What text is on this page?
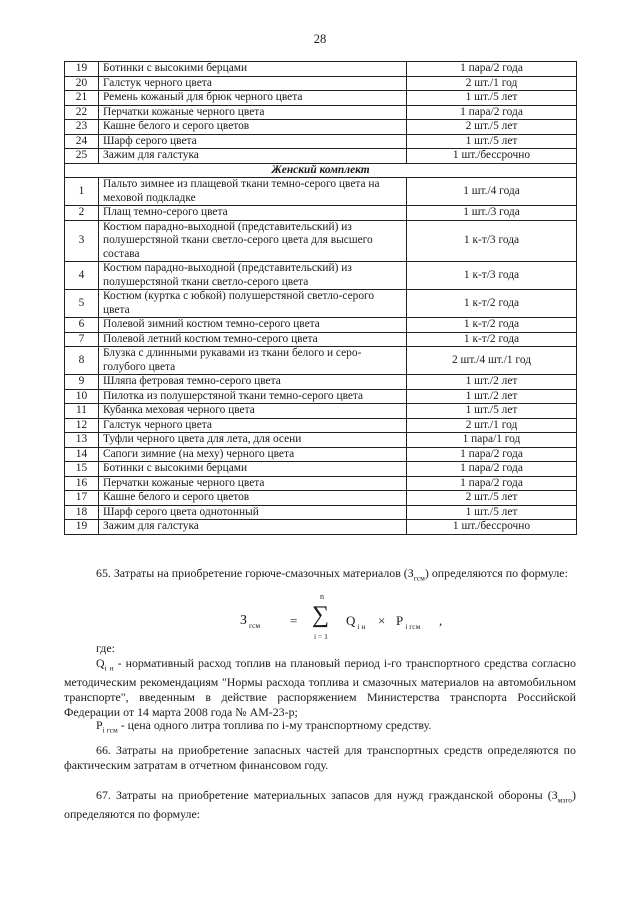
28
19	Ботинки с высокими берцами	1 пара/2 года
20	Галстук черного цвета	2 шт./1 год
21	Ремень кожаный для брюк черного цвета	1 шт./5 лет
22	Перчатки кожаные черного цвета	1 пара/2 года
23	Кашне белого и серого цветов	2 шт./5 лет
24	Шарф серого цвета	1 шт./5 лет
25	Зажим для галстука	1 шт./бессрочно
Женский комплект		
1	Пальто зимнее из плащевой ткани темно-серого цвета на меховой подкладке	1 шт./4 года
2	Плащ темно-серого цвета	1 шт./3 года
3	Костюм парадно-выходной (представительский) из полушерстяной ткани светло-серого цвета для высшего состава	1 к-т/3 года
4	Костюм парадно-выходной (представительский) из полушерстяной ткани светло-серого цвета	1 к-т/3 года
5	Костюм (куртка с юбкой) полушерстяной светло-серого цвета	1 к-т/2 года
6	Полевой зимний костюм темно-серого цвета	1 к-т/2 года
7	Полевой летний костюм темно-серого цвета	1 к-т/2 года
8	Блузка с длинными рукавами из ткани белого и серо-голубого цвета	2 шт./4 шт./1 год
9	Шляпа фетровая темно-серого цвета	1 шт./2 лет
10	Пилотка из полушерстяной ткани темно-серого цвета	1 шт./2 лет
11	Кубанка меховая черного цвета	1 шт./5 лет
12	Галстук черного цвета	2 шт./1 год
13	Туфли черного цвета для лета, для осени	1 пара/1 год
14	Сапоги зимние (на меху) черного цвета	1 пара/2 года
15	Ботинки с высокими берцами	1 пара/2 года
16	Перчатки кожаные черного цвета	1 пара/2 года
17	Кашне белого и серого цветов	2 шт./5 лет
18	Шарф серого цвета однотонный	1 шт./5 лет
19	Зажим для галстука	1 шт./бессрочно
65. Затраты на приобретение горюче-смазочных материалов $(З_{гсм})$ определяются по формуле:
З $_{гсм}$ =
n
∑
i = 1
Q $_{i н}$ × P $_{i гсм}$ ,
где:
$Q_{i н}$ - нормативный расход топлив на плановый период i-го транспортного средства согласно методическим рекомендациям "Нормы расхода топлива и смазочных материалов на автомобильном транспорте", введенным в действие распоряжением Министерства транспорта Российской Федерации от 14 марта 2008 года № АМ-23-р;
$P_{i гсм}$ - цена одного литра топлива по i-му транспортному средству.
66. Затраты на приобретение запасных частей для транспортных средств определяются по фактическим затратам в отчетном финансовом году.
67. Затраты на приобретение материальных запасов для нужд гражданской обороны $(З_{мзго})$ определяются по формуле:
